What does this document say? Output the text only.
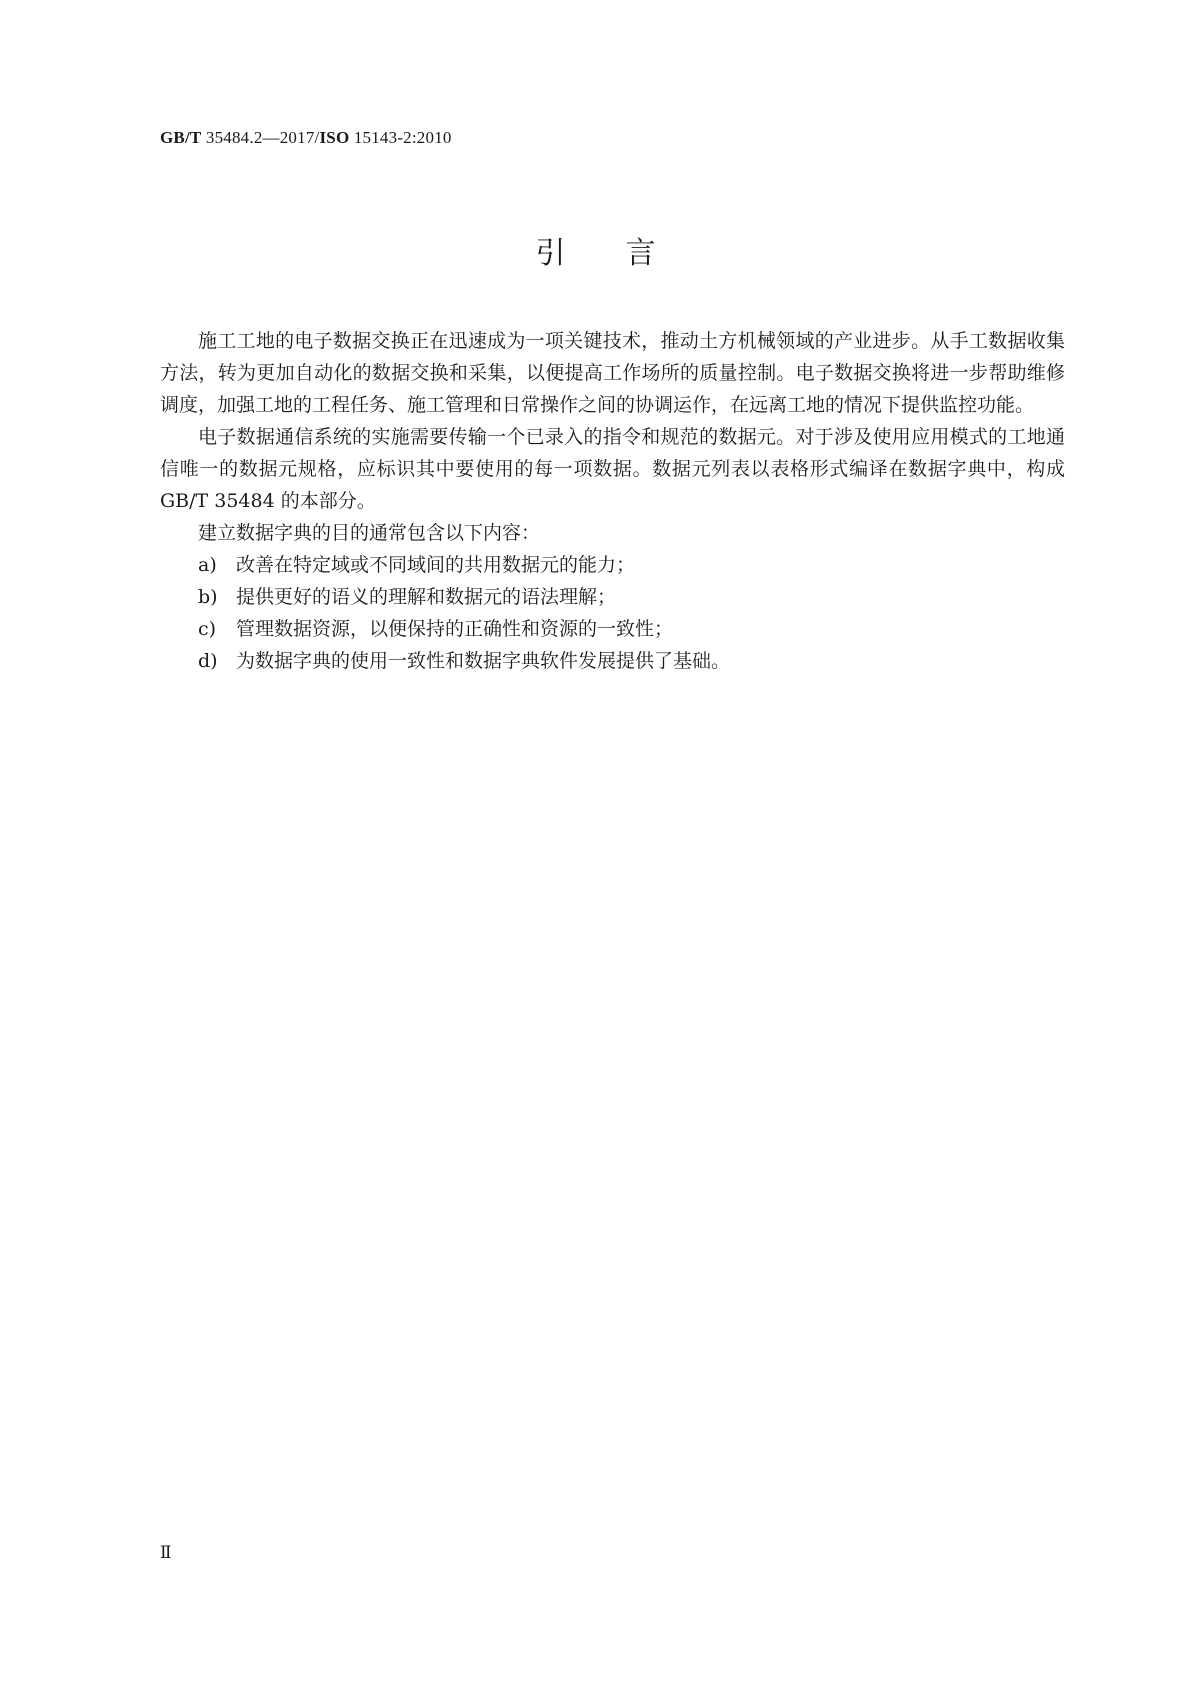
GB/T 35484.2—2017/ISO 15143-2:2010
引言

施工工地的电子数据交换正在迅速成为一项关键技术，推动土方机械领域的产业进步。从手工数据收集方法，转为更加自动化的数据交换和采集，以便提高工作场所的质量控制。电子数据交换将进一步帮助维修调度，加强工地的工程任务、施工管理和日常操作之间的协调运作，在远离工地的情况下提供监控功能。

电子数据通信系统的实施需要传输一个已录入的指令和规范的数据元。对于涉及使用应用模式的工地通信唯一的数据元规格，应标识其中要使用的每一项数据。数据元列表以表格形式编译在数据字典中，构成 GB/T 35484 的本部分。

建立数据字典的目的通常包含以下内容：

a)	改善在特定域或不同域间的共用数据元的能力；
b) 提供更好的语义的理解和数据元的语法理解；
c)	管理数据资源，以便保持的正确性和资源的一致性；
d) 为数据字典的使用一致性和数据字典软件发展提供了基础。
Ⅱ
